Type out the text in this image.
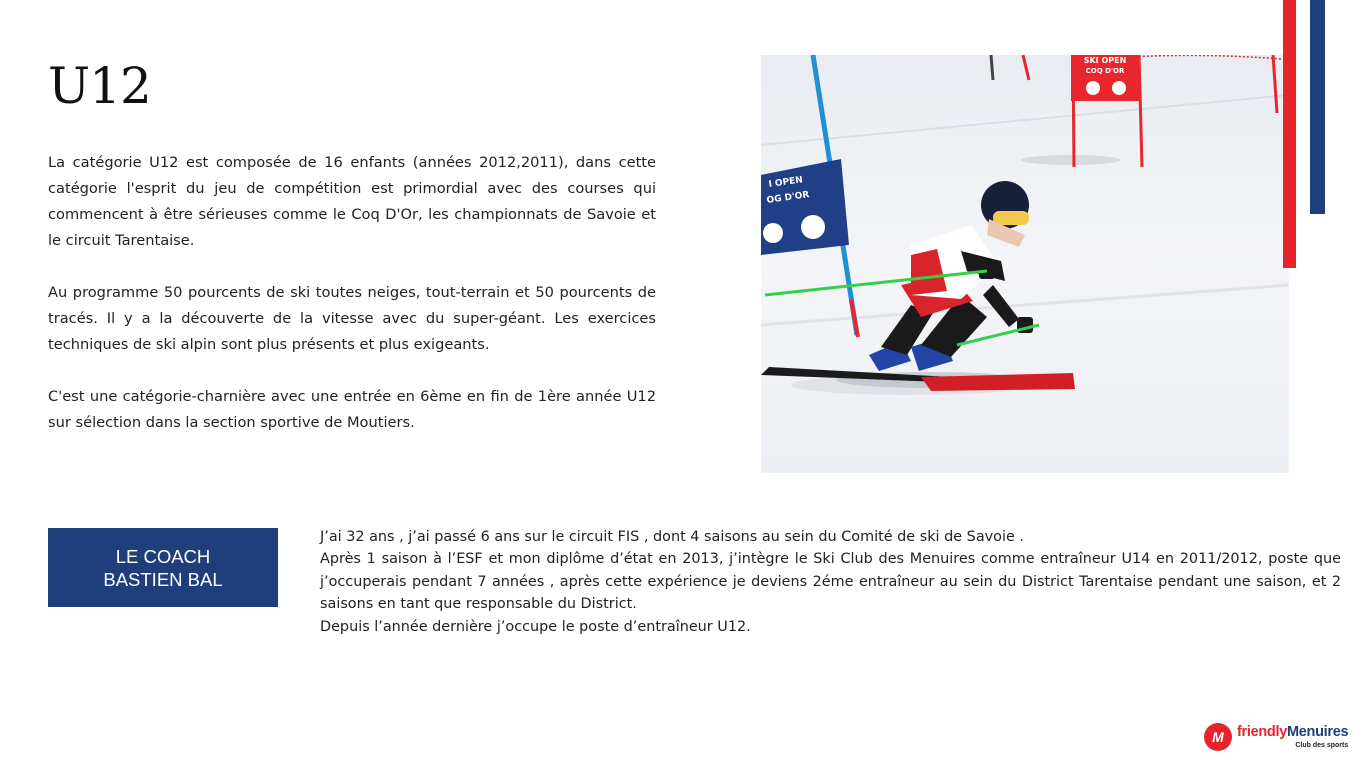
U12

La catégorie U12 est composée de 16 enfants (années 2012,2011), dans cette catégorie l'esprit du jeu de compétition est primordial avec des courses qui commencent à être sérieuses comme le Coq D'Or, les championnats de Savoie et le circuit Tarentaise.

Au programme 50 pourcents de ski toutes neiges, tout-terrain et 50 pourcents de tracés. Il y a la découverte de la vitesse avec du super-géant. Les exercices techniques de ski alpin sont plus présents et plus exigeants.

C'est une catégorie-charnière avec une entrée en 6ème en fin de 1ère année U12 sur sélection dans la section sportive de Moutiers.

SKI OPEN
COQ D'OR
I OPEN
OG D'OR
LE COACH
BASTIEN BAL

J’ai 32 ans , j’ai passé 6 ans sur le circuit FIS , dont 4 saisons au sein du Comité de ski de Savoie .

Après 1 saison à l’ESF et mon diplôme d’état en 2013, j’intègre le Ski Club des Menuires comme entraîneur U14 en 2011/2012, poste que j’occuperais pendant 7 années , après cette expérience je deviens 2éme entraîneur au sein du District Tarentaise pendant une saison, et 2 saisons en tant que responsable du District.

Depuis l’année dernière j’occupe le poste d’entraîneur U12.

M friendlyMenuires
Club des sports
